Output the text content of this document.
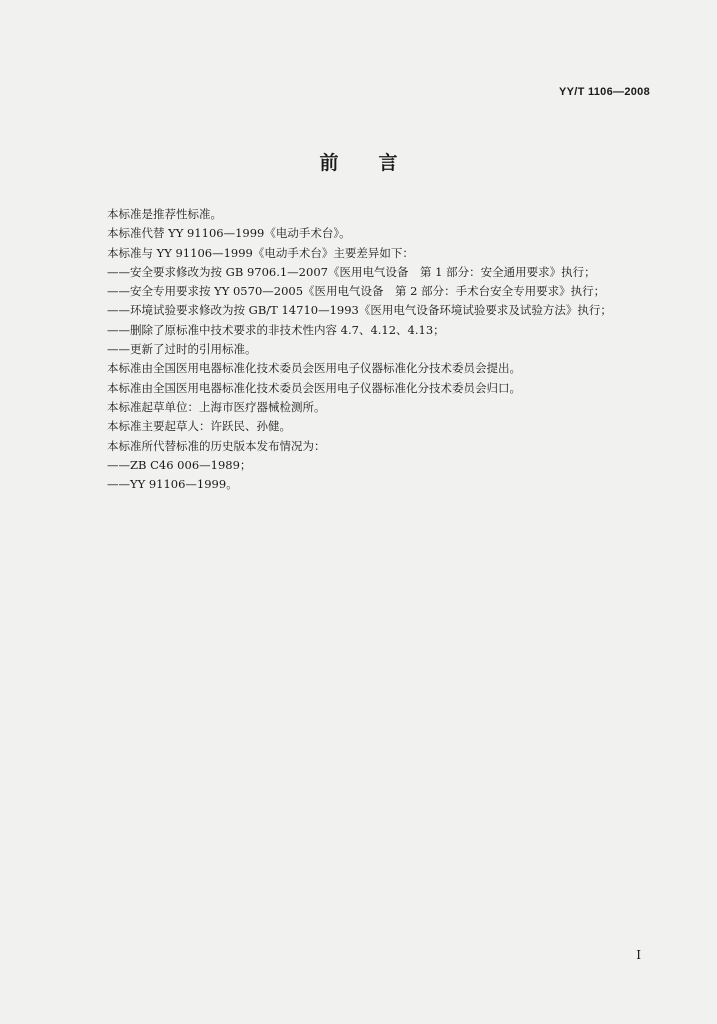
YY/T 1106—2008
前言
本标准是推荐性标准。
本标准代替 YY 91106—1999《电动手术台》。
本标准与 YY 91106—1999《电动手术台》主要差异如下：
——安全要求修改为按 GB 9706.1—2007《医用电气设备　第 1 部分：安全通用要求》执行；
——安全专用要求按 YY 0570—2005《医用电气设备　第 2 部分：手术台安全专用要求》执行；
——环境试验要求修改为按 GB/T 14710—1993《医用电气设备环境试验要求及试验方法》执行；
——删除了原标准中技术要求的非技术性内容 4.7、4.12、4.13；
——更新了过时的引用标准。
本标准由全国医用电器标准化技术委员会医用电子仪器标准化分技术委员会提出。
本标准由全国医用电器标准化技术委员会医用电子仪器标准化分技术委员会归口。
本标准起草单位：上海市医疗器械检测所。
本标准主要起草人：许跃民、孙健。
本标准所代替标准的历史版本发布情况为：
——ZB C46 006—1989；
——YY 91106—1999。
I
